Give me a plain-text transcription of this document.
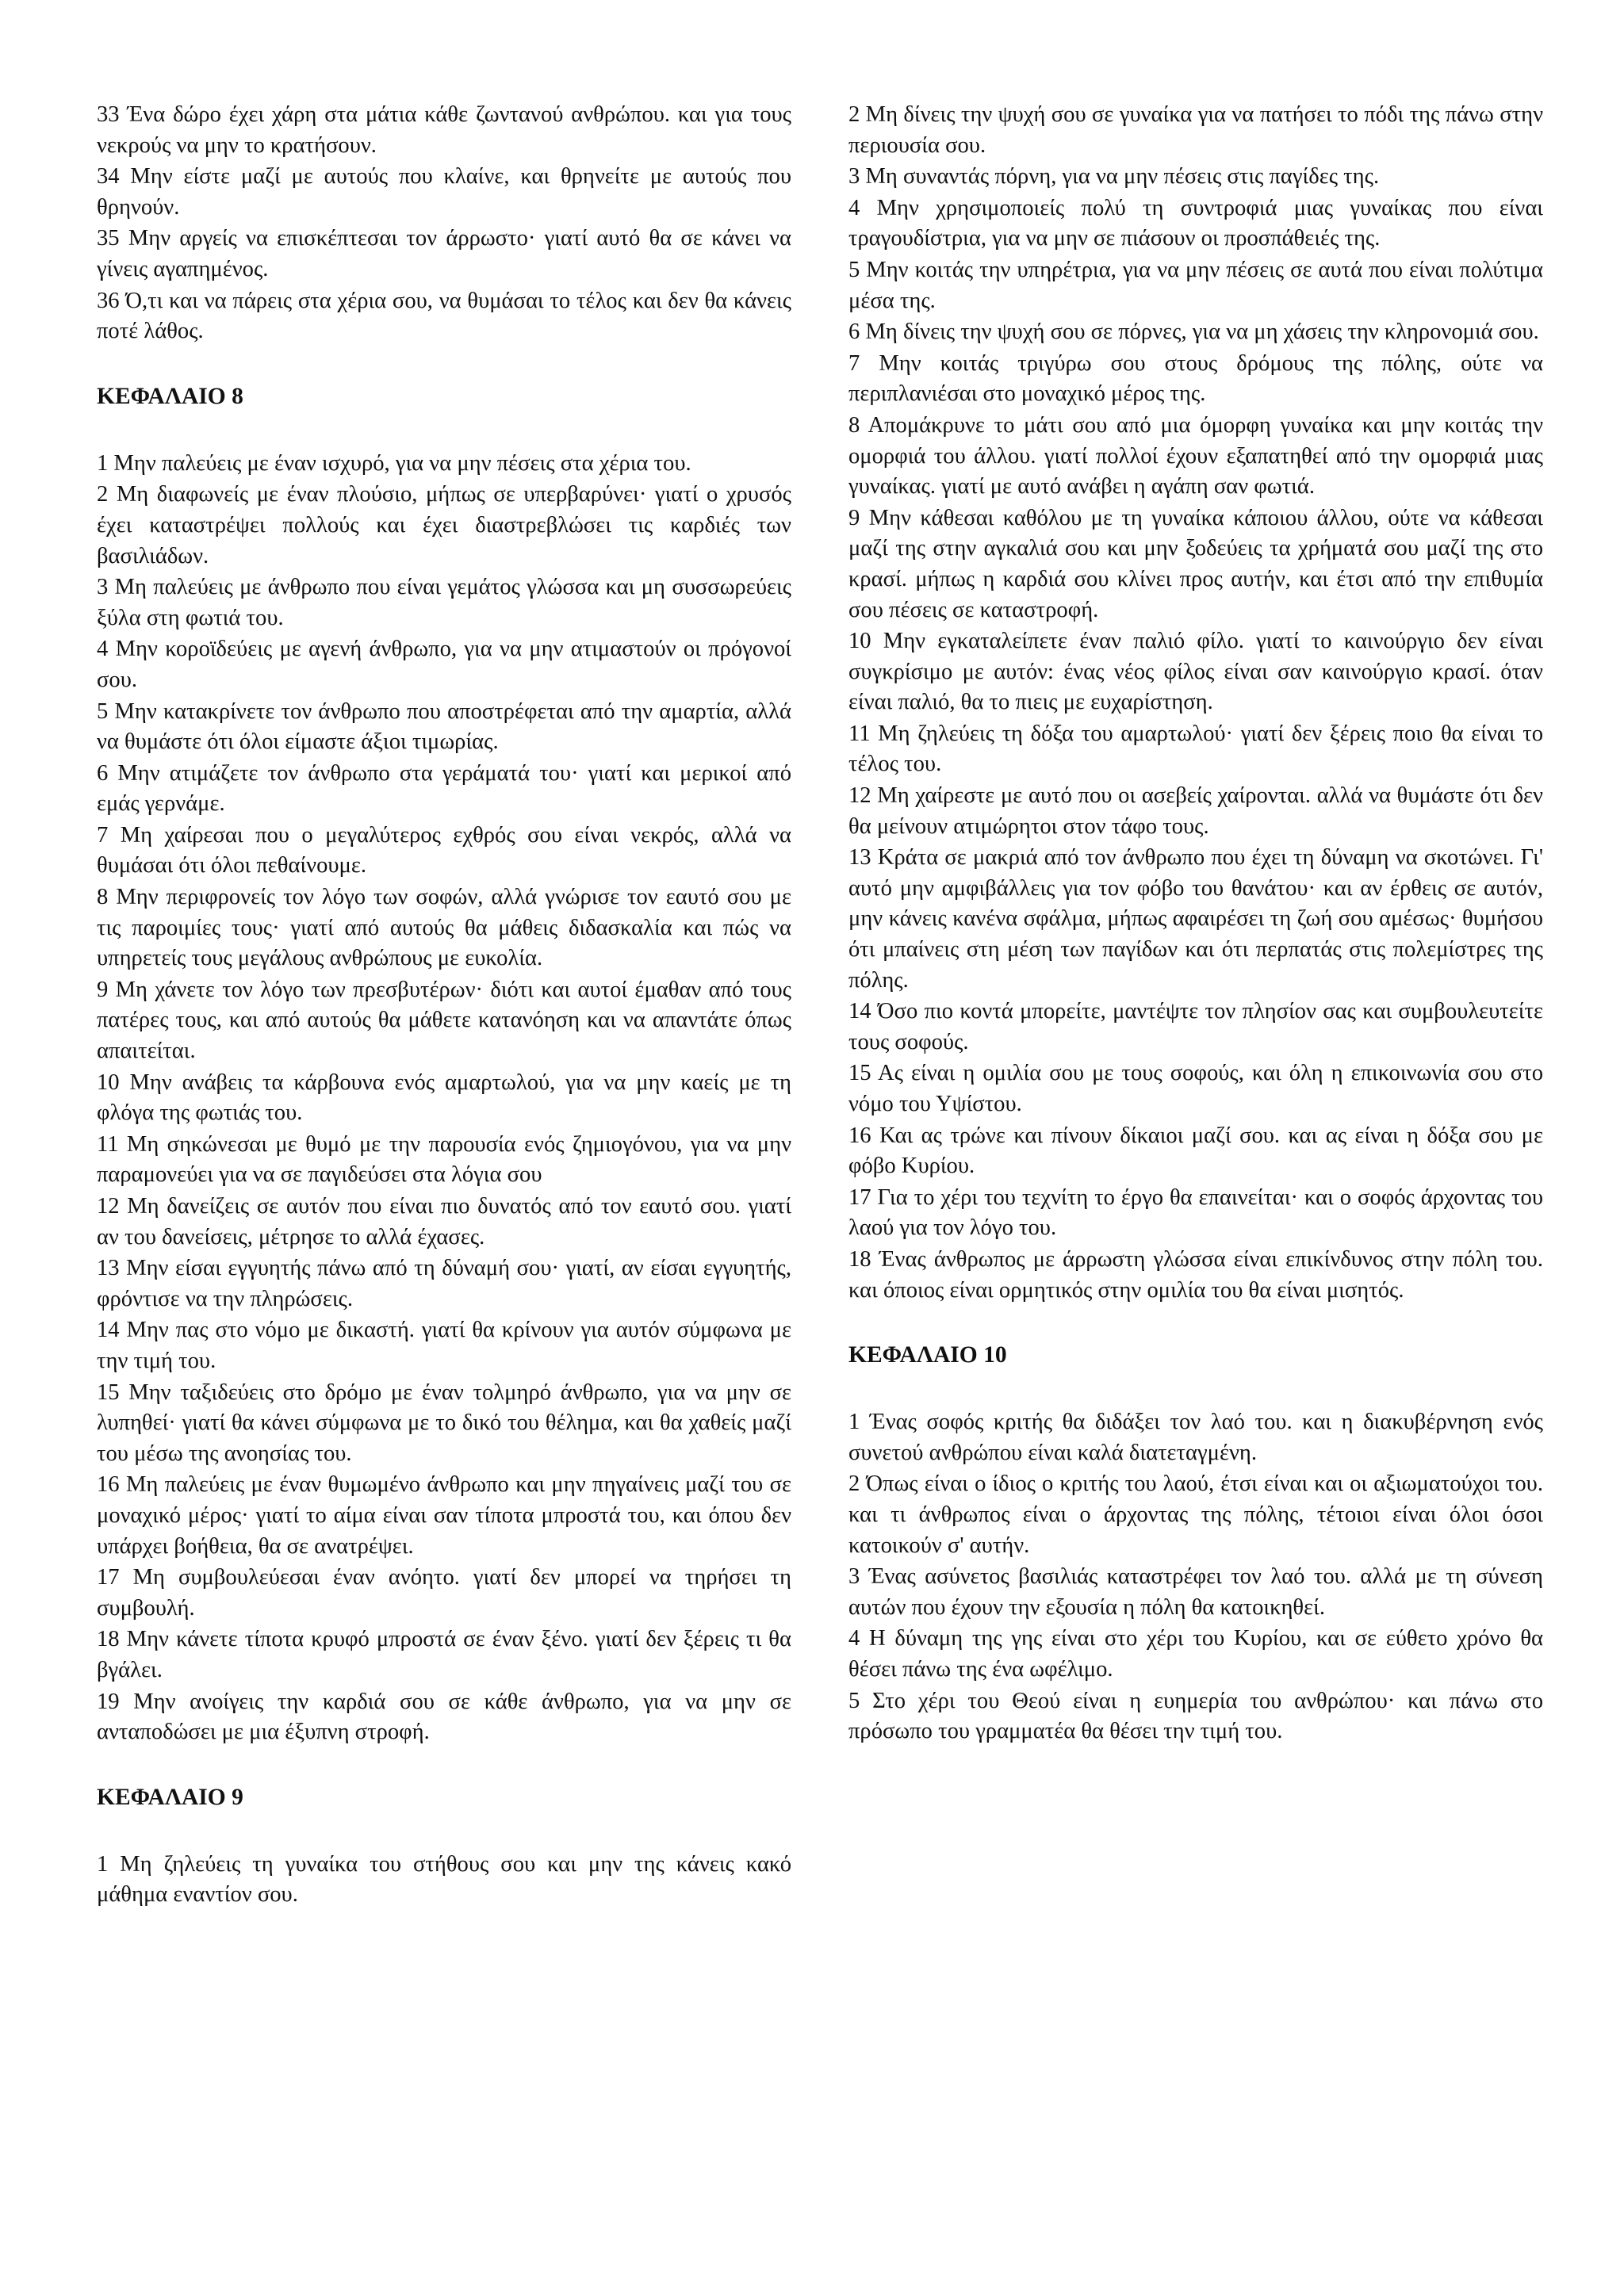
33 Ένα δώρο έχει χάρη στα μάτια κάθε ζωντανού ανθρώπου. και για τους νεκρούς να μην το κρατήσουν.

34 Μην είστε μαζί με αυτούς που κλαίνε, και θρηνείτε με αυτούς που θρηνούν.

35 Μην αργείς να επισκέπτεσαι τον άρρωστο· γιατί αυτό θα σε κάνει να γίνεις αγαπημένος.

36 Ό,τι και να πάρεις στα χέρια σου, να θυμάσαι το τέλος και δεν θα κάνεις ποτέ λάθος.

ΚΕΦΑΛΑΙΟ 8

1 Μην παλεύεις με έναν ισχυρό, για να μην πέσεις στα χέρια του.

2 Μη διαφωνείς με έναν πλούσιο, μήπως σε υπερβαρύνει· γιατί ο χρυσός έχει καταστρέψει πολλούς και έχει διαστρεβλώσει τις καρδιές των βασιλιάδων.

3 Μη παλεύεις με άνθρωπο που είναι γεμάτος γλώσσα και μη συσσωρεύεις ξύλα στη φωτιά του.

4 Μην κοροϊδεύεις με αγενή άνθρωπο, για να μην ατιμαστούν οι πρόγονοί σου.

5 Μην κατακρίνετε τον άνθρωπο που αποστρέφεται από την αμαρτία, αλλά να θυμάστε ότι όλοι είμαστε άξιοι τιμωρίας.

6 Μην ατιμάζετε τον άνθρωπο στα γεράματά του· γιατί και μερικοί από εμάς γερνάμε.

7 Μη χαίρεσαι που ο μεγαλύτερος εχθρός σου είναι νεκρός, αλλά να θυμάσαι ότι όλοι πεθαίνουμε.

8 Μην περιφρονείς τον λόγο των σοφών, αλλά γνώρισε τον εαυτό σου με τις παροιμίες τους· γιατί από αυτούς θα μάθεις διδασκαλία και πώς να υπηρετείς τους μεγάλους ανθρώπους με ευκολία.

9 Μη χάνετε τον λόγο των πρεσβυτέρων· διότι και αυτοί έμαθαν από τους πατέρες τους, και από αυτούς θα μάθετε κατανόηση και να απαντάτε όπως απαιτείται.

10 Μην ανάβεις τα κάρβουνα ενός αμαρτωλού, για να μην καείς με τη φλόγα της φωτιάς του.

11 Μη σηκώνεσαι με θυμό με την παρουσία ενός ζημιογόνου, για να μην παραμονεύει για να σε παγιδεύσει στα λόγια σου

12 Μη δανείζεις σε αυτόν που είναι πιο δυνατός από τον εαυτό σου. γιατί αν του δανείσεις, μέτρησε το αλλά έχασες.

13 Μην είσαι εγγυητής πάνω από τη δύναμή σου· γιατί, αν είσαι εγγυητής, φρόντισε να την πληρώσεις.

14 Μην πας στο νόμο με δικαστή. γιατί θα κρίνουν για αυτόν σύμφωνα με την τιμή του.

15 Μην ταξιδεύεις στο δρόμο με έναν τολμηρό άνθρωπο, για να μην σε λυπηθεί· γιατί θα κάνει σύμφωνα με το δικό του θέλημα, και θα χαθείς μαζί του μέσω της ανοησίας του.

16 Μη παλεύεις με έναν θυμωμένο άνθρωπο και μην πηγαίνεις μαζί του σε μοναχικό μέρος· γιατί το αίμα είναι σαν τίποτα μπροστά του, και όπου δεν υπάρχει βοήθεια, θα σε ανατρέψει.

17 Μη συμβουλεύεσαι έναν ανόητο. γιατί δεν μπορεί να τηρήσει τη συμβουλή.

18 Μην κάνετε τίποτα κρυφό μπροστά σε έναν ξένο. γιατί δεν ξέρεις τι θα βγάλει.

19 Μην ανοίγεις την καρδιά σου σε κάθε άνθρωπο, για να μην σε ανταποδώσει με μια έξυπνη στροφή.

ΚΕΦΑΛΑΙΟ 9

1 Μη ζηλεύεις τη γυναίκα του στήθους σου και μην της κάνεις κακό μάθημα εναντίον σου.

2 Μη δίνεις την ψυχή σου σε γυναίκα για να πατήσει το πόδι της πάνω στην περιουσία σου.

3 Μη συναντάς πόρνη, για να μην πέσεις στις παγίδες της.

4 Μην χρησιμοποιείς πολύ τη συντροφιά μιας γυναίκας που είναι τραγουδίστρια, για να μην σε πιάσουν οι προσπάθειές της.

5 Μην κοιτάς την υπηρέτρια, για να μην πέσεις σε αυτά που είναι πολύτιμα μέσα της.

6 Μη δίνεις την ψυχή σου σε πόρνες, για να μη χάσεις την κληρονομιά σου.

7 Μην κοιτάς τριγύρω σου στους δρόμους της πόλης, ούτε να περιπλανιέσαι στο μοναχικό μέρος της.

8 Απομάκρυνε το μάτι σου από μια όμορφη γυναίκα και μην κοιτάς την ομορφιά του άλλου. γιατί πολλοί έχουν εξαπατηθεί από την ομορφιά μιας γυναίκας. γιατί με αυτό ανάβει η αγάπη σαν φωτιά.

9 Μην κάθεσαι καθόλου με τη γυναίκα κάποιου άλλου, ούτε να κάθεσαι μαζί της στην αγκαλιά σου και μην ξοδεύεις τα χρήματά σου μαζί της στο κρασί. μήπως η καρδιά σου κλίνει προς αυτήν, και έτσι από την επιθυμία σου πέσεις σε καταστροφή.

10 Μην εγκαταλείπετε έναν παλιό φίλο. γιατί το καινούργιο δεν είναι συγκρίσιμο με αυτόν: ένας νέος φίλος είναι σαν καινούργιο κρασί. όταν είναι παλιό, θα το πιεις με ευχαρίστηση.

11 Μη ζηλεύεις τη δόξα του αμαρτωλού· γιατί δεν ξέρεις ποιο θα είναι το τέλος του.

12 Μη χαίρεστε με αυτό που οι ασεβείς χαίρονται. αλλά να θυμάστε ότι δεν θα μείνουν ατιμώρητοι στον τάφο τους.

13 Κράτα σε μακριά από τον άνθρωπο που έχει τη δύναμη να σκοτώνει. Γι' αυτό μην αμφιβάλλεις για τον φόβο του θανάτου· και αν έρθεις σε αυτόν, μην κάνεις κανένα σφάλμα, μήπως αφαιρέσει τη ζωή σου αμέσως· θυμήσου ότι μπαίνεις στη μέση των παγίδων και ότι περπατάς στις πολεμίστρες της πόλης.

14 Όσο πιο κοντά μπορείτε, μαντέψτε τον πλησίον σας και συμβουλευτείτε τους σοφούς.

15 Ας είναι η ομιλία σου με τους σοφούς, και όλη η επικοινωνία σου στο νόμο του Υψίστου.

16 Και ας τρώνε και πίνουν δίκαιοι μαζί σου. και ας είναι η δόξα σου με φόβο Κυρίου.

17 Για το χέρι του τεχνίτη το έργο θα επαινείται· και ο σοφός άρχοντας του λαού για τον λόγο του.

18 Ένας άνθρωπος με άρρωστη γλώσσα είναι επικίνδυνος στην πόλη του. και όποιος είναι ορμητικός στην ομιλία του θα είναι μισητός.

ΚΕΦΑΛΑΙΟ 10

1 Ένας σοφός κριτής θα διδάξει τον λαό του. και η διακυβέρνηση ενός συνετού ανθρώπου είναι καλά διατεταγμένη.

2 Όπως είναι ο ίδιος ο κριτής του λαού, έτσι είναι και οι αξιωματούχοι του. και τι άνθρωπος είναι ο άρχοντας της πόλης, τέτοιοι είναι όλοι όσοι κατοικούν σ' αυτήν.

3 Ένας ασύνετος βασιλιάς καταστρέφει τον λαό του. αλλά με τη σύνεση αυτών που έχουν την εξουσία η πόλη θα κατοικηθεί.

4 Η δύναμη της γης είναι στο χέρι του Κυρίου, και σε εύθετο χρόνο θα θέσει πάνω της ένα ωφέλιμο.

5 Στο χέρι του Θεού είναι η ευημερία του ανθρώπου· και πάνω στο πρόσωπο του γραμματέα θα θέσει την τιμή του.
